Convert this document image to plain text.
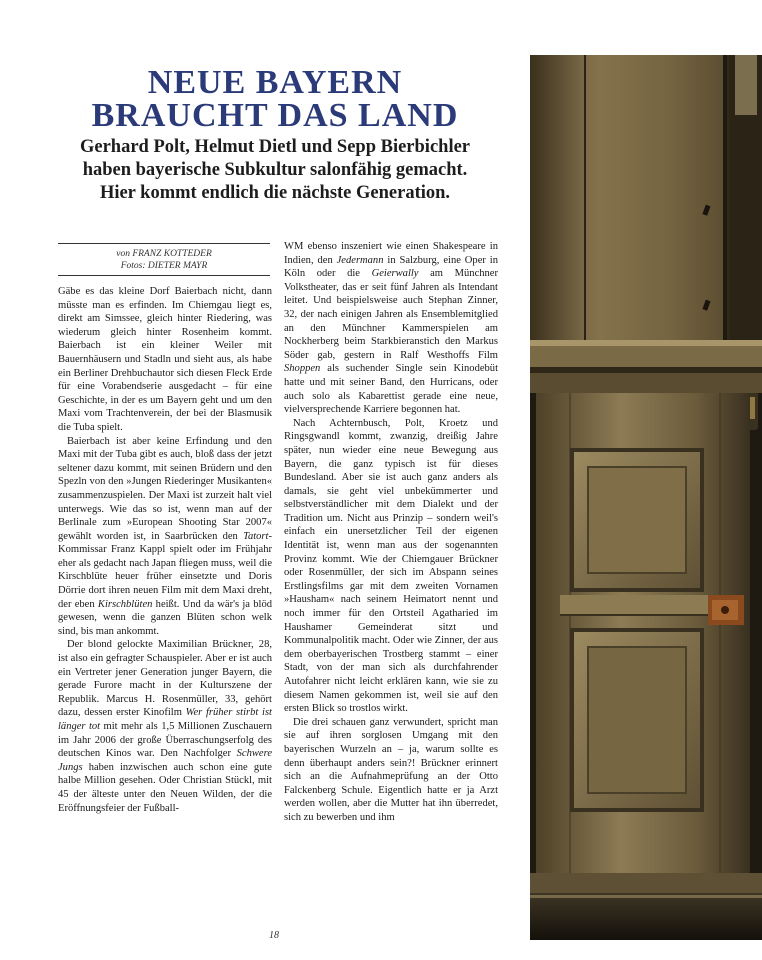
NEUE BAYERN
BRAUCHT DAS LAND
Gerhard Polt, Helmut Dietl und Sepp Bierbichler
haben bayerische Subkultur salonfähig gemacht.
Hier kommt endlich die nächste Generation.
von FRANZ KOTTEDER
Fotos: DIETER MAYR

Gäbe es das kleine Dorf Baierbach nicht, dann müsste man es erfinden. Im Chiemgau liegt es, direkt am Simssee, gleich hinter Riedering, was wiederum gleich hinter Rosenheim kommt. Baierbach ist ein kleiner Weiler mit Bauernhäusern und Stadln und sieht aus, als habe ein Berliner Drehbuchautor sich diesen Fleck Erde für eine Vorabendserie ausgedacht – für eine Geschichte, in der es um Bayern geht und um den Maxi vom Trachtenverein, der bei der Blasmusik die Tuba spielt.

Baierbach ist aber keine Erfindung und den Maxi mit der Tuba gibt es auch, bloß dass der jetzt seltener dazu kommt, mit seinen Brüdern und den Spezln von den »Jungen Riederinger Musikanten« zusammenzuspielen. Der Maxi ist zurzeit halt viel unterwegs. Wie das so ist, wenn man auf der Berlinale zum »European Shooting Star 2007« gewählt worden ist, in Saarbrücken den Tatort-Kommissar Franz Kappl spielt oder im Frühjahr eher als gedacht nach Japan fliegen muss, weil die Kirschblüte heuer früher einsetzte und Doris Dörrie dort ihren neuen Film mit dem Maxi dreht, der eben Kirschblüten heißt. Und da wär's ja blöd gewesen, wenn die ganzen Blüten schon welk sind, bis man ankommt.

Der blond gelockte Maximilian Brückner, 28, ist also ein gefragter Schauspieler. Aber er ist auch ein Vertreter jener Generation junger Bayern, die gerade Furore macht in der Kulturszene der Republik. Marcus H. Rosenmüller, 33, gehört dazu, dessen erster Kinofilm Wer früher stirbt ist länger tot mit mehr als 1,5 Millionen Zuschauern im Jahr 2006 der große Überraschungserfolg des deutschen Kinos war. Den Nachfolger Schwere Jungs haben inzwischen auch schon eine gute halbe Million gesehen. Oder Christian Stückl, mit 45 der älteste unter den Neuen Wilden, der die Eröffnungsfeier der Fußball-

WM ebenso inszeniert wie einen Shakespeare in Indien, den Jedermann in Salzburg, eine Oper in Köln oder die Geierwally am Münchner Volkstheater, das er seit fünf Jahren als Intendant leitet. Und beispielsweise auch Stephan Zinner, 32, der nach einigen Jahren als Ensemblemitglied an den Münchner Kammerspielen am Nockherberg beim Starkbieranstich den Markus Söder gab, gestern in Ralf Westhoffs Film Shoppen als suchender Single sein Kinodebüt hatte und mit seiner Band, den Hurricans, oder auch solo als Kabarettist gerade eine neue, vielversprechende Karriere begonnen hat.

Nach Achternbusch, Polt, Kroetz und Ringsgwandl kommt, zwanzig, dreißig Jahre später, nun wieder eine neue Bewegung aus Bayern, die ganz typisch ist für dieses Bundesland. Aber sie ist auch ganz anders als damals, sie geht viel unbekümmerter und selbstverständlicher mit dem Dialekt und der Tradition um. Nicht aus Prinzip – sondern weil's einfach ein unersetzlicher Teil der eigenen Identität ist, wenn man aus der sogenannten Provinz kommt. Wie der Chiemgauer Brückner oder Rosenmüller, der sich im Abspann seines Erstlingsfilms gar mit dem zweiten Vornamen »Hausham« nach seinem Heimatort nennt und noch immer für den Ortsteil Agatharied im Haushamer Gemeinderat sitzt und Kommunalpolitik macht. Oder wie Zinner, der aus dem oberbayerischen Trostberg stammt – einer Stadt, von der man sich als durchfahrender Autofahrer nicht leicht erklären kann, wie sie zu diesem Namen gekommen ist, weil sie auf den ersten Blick so trostlos wirkt.

Die drei schauen ganz verwundert, spricht man sie auf ihren sorglosen Umgang mit den bayerischen Wurzeln an – ja, warum sollte es denn überhaupt anders sein?! Brückner erinnert sich an die Aufnahmeprüfung an der Otto Falckenberg Schule. Eigentlich hatte er ja Arzt werden wollen, aber die Mutter hat ihn überredet, sich zu bewerben und ihm

18
